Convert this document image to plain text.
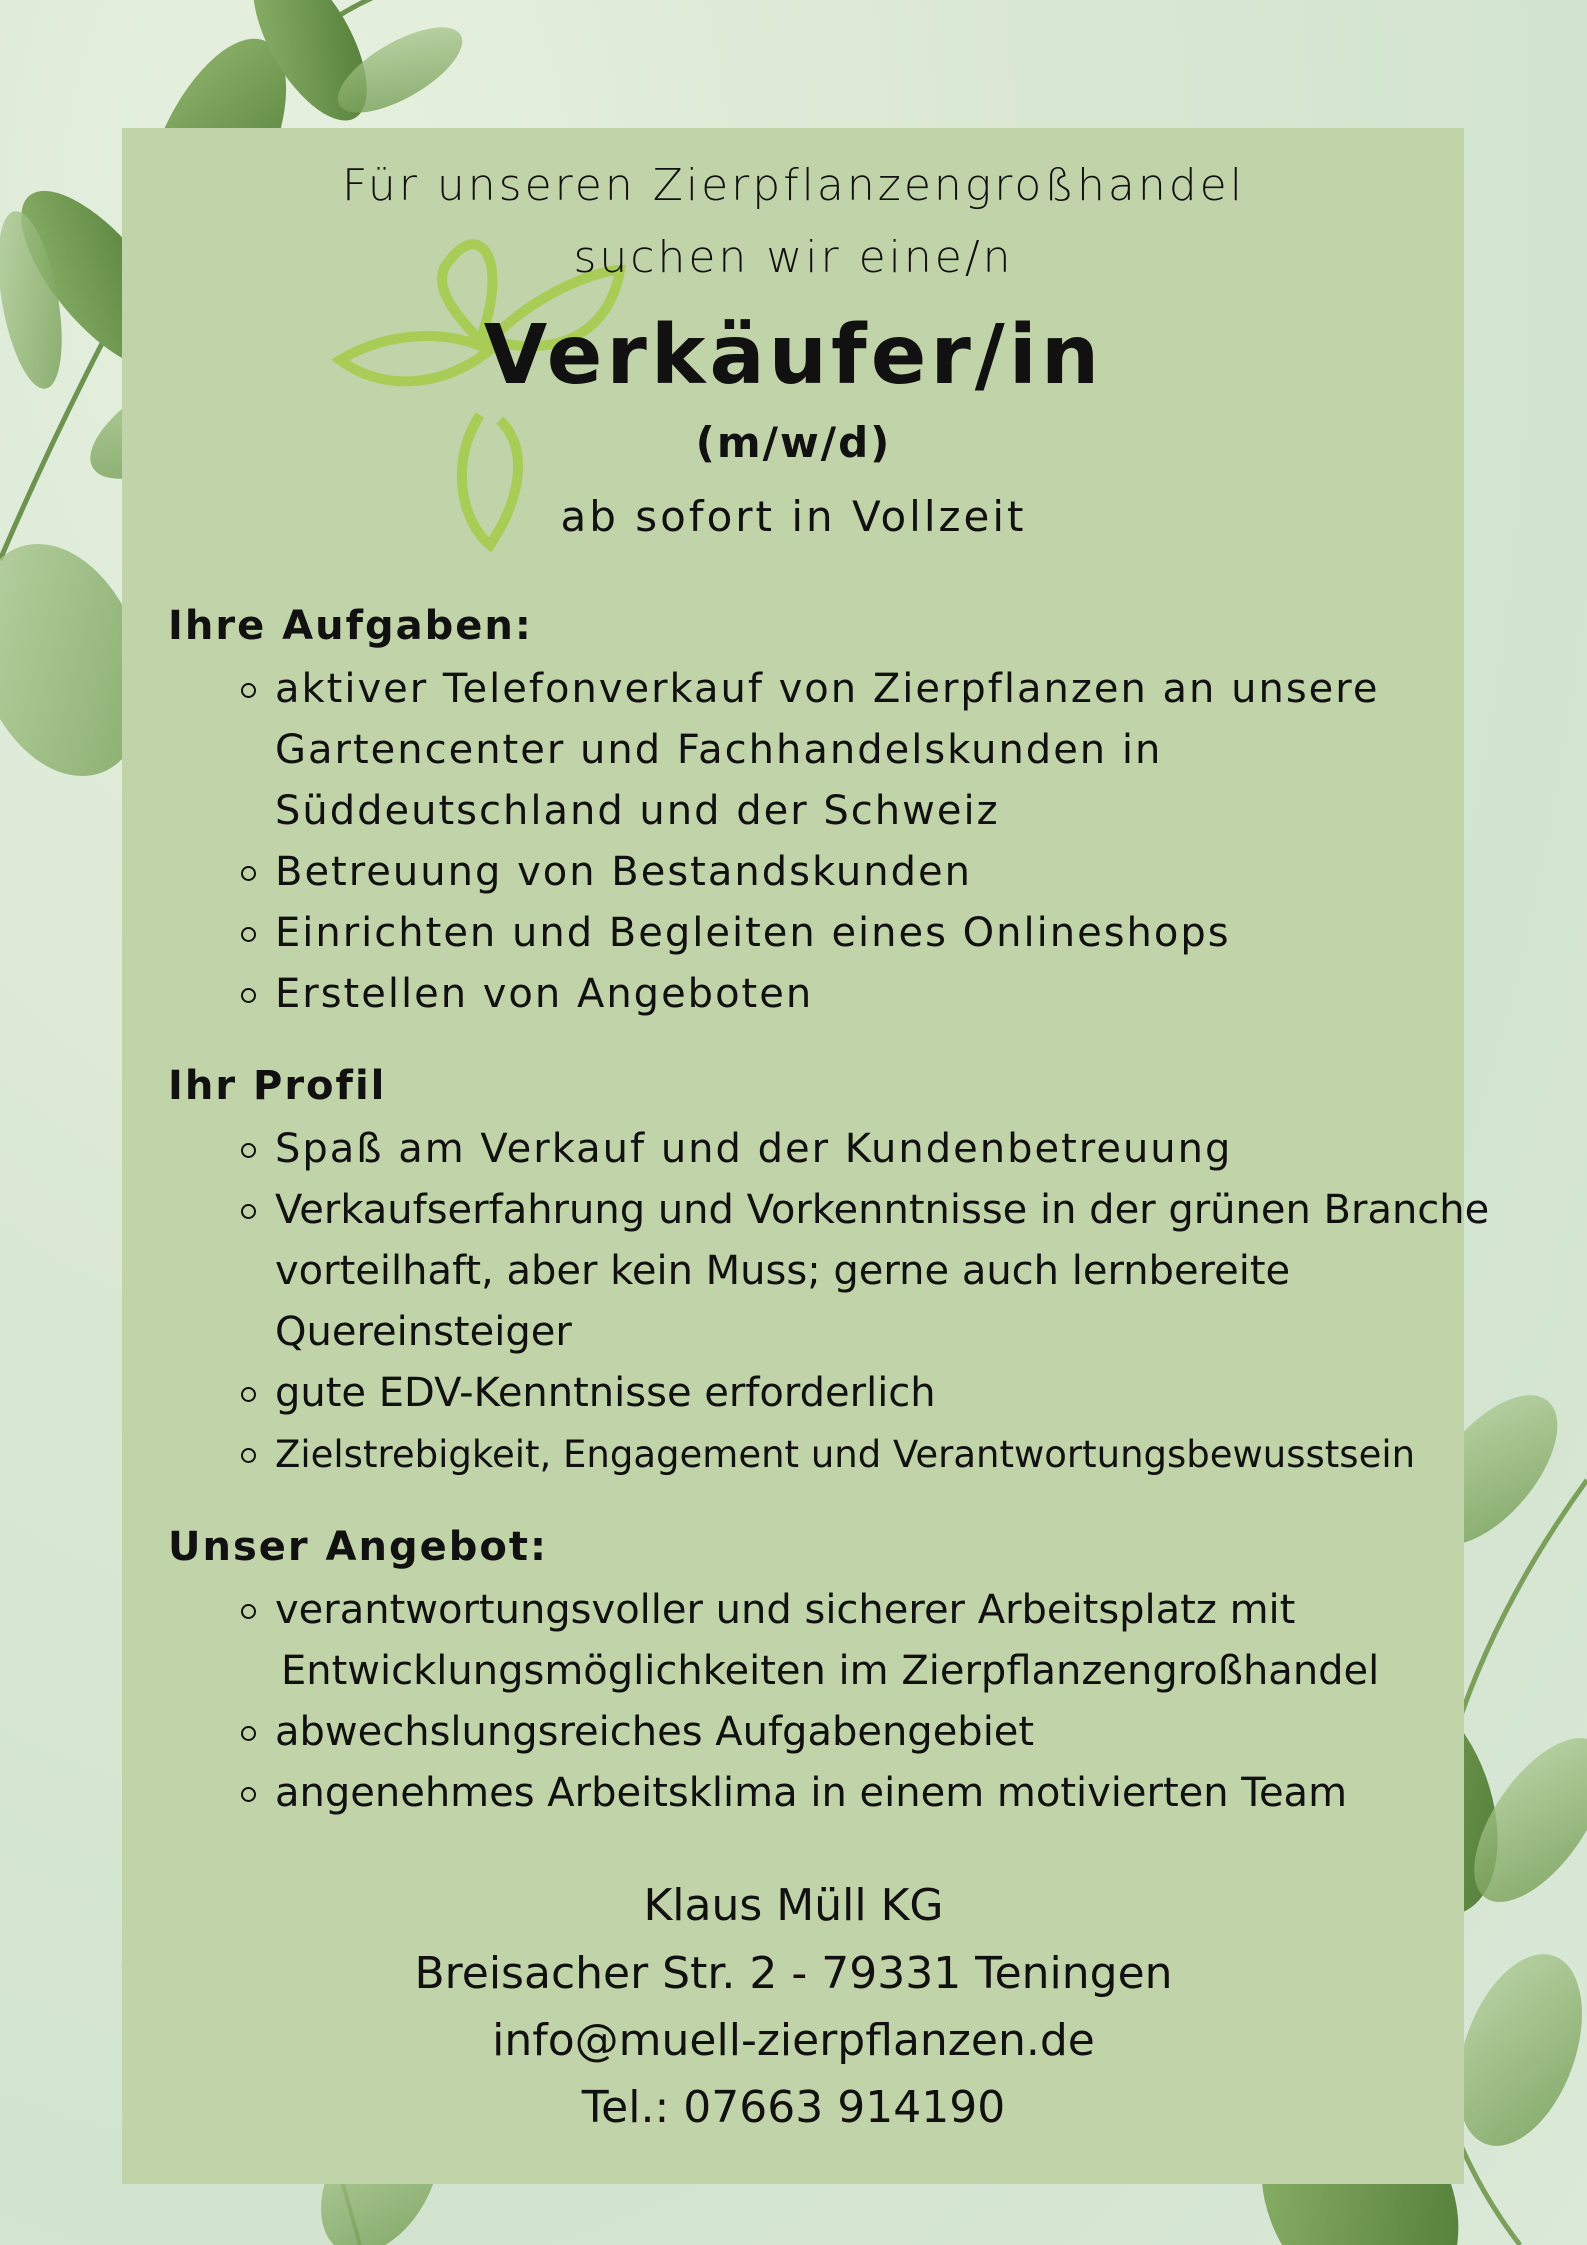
Für unseren Zierpflanzengroßhandel
suchen wir eine/n
Verkäufer/in
(m/w/d)
ab sofort in Vollzeit
Ihre Aufgaben:
aktiver Telefonverkauf von Zierpflanzen an unsere
Gartencenter und Fachhandelskunden in
Süddeutschland und der Schweiz
Betreuung von Bestandskunden
Einrichten und Begleiten eines Onlineshops
Erstellen von Angeboten
Ihr Profil
Spaß am Verkauf und der Kundenbetreuung
Verkaufserfahrung und Vorkenntnisse in der grünen Branche
vorteilhaft, aber kein Muss; gerne auch lernbereite
Quereinsteiger
gute EDV-Kenntnisse erforderlich
Zielstrebigkeit, Engagement und Verantwortungsbewusstsein
Unser Angebot:
verantwortungsvoller und sicherer Arbeitsplatz mit
Entwicklungsmöglichkeiten im Zierpflanzengroßhandel
abwechslungsreiches Aufgabengebiet
angenehmes Arbeitsklima in einem motivierten Team
Klaus Müll KG
Breisacher Str. 2 - 79331 Teningen
info@muell-zierpflanzen.de
Tel.: 07663 914190
